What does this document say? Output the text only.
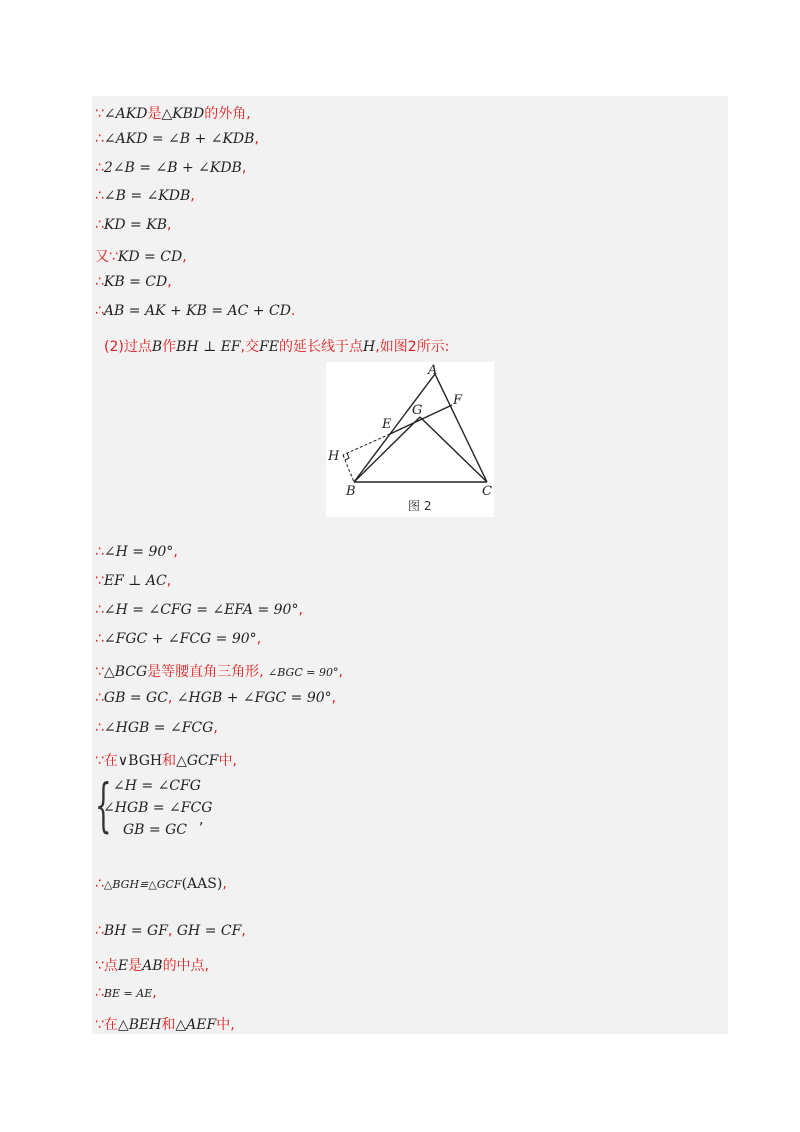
∵∠AKD是△KBD的外角,
∴∠AKD = ∠B + ∠KDB,
∴2∠B = ∠B + ∠KDB,
∴∠B = ∠KDB,
∴KD = KB,
又∵KD = CD,
∴KB = CD,
∴AB = AK + KB = AC + CD.
(2)过点B作BH ⊥ EF,交FE的延长线于点H,如图2所示:
A
B	C
E
F
G
H
图 2
∴∠H = 90°,
∵EF ⊥ AC,
∴∠H = ∠CFG = ∠EFA = 90°,
∴∠FGC + ∠FCG = 90°,
∵△BCG是等腰直角三角形, ∠BGC = 90°,
∴GB = GC, ∠HGB + ∠FGC = 90°,
∴∠HGB = ∠FCG,
∵在∨BGH和△GCF中,
{ ∠H = ∠CFG
∠HGB = ∠FCG
GB = GC
,
∴△BGH≌△GCF(AAS),
∴BH = GF, GH = CF,
∵点E是AB的中点,
∴BE = AE,
∵在△BEH和△AEF中,
